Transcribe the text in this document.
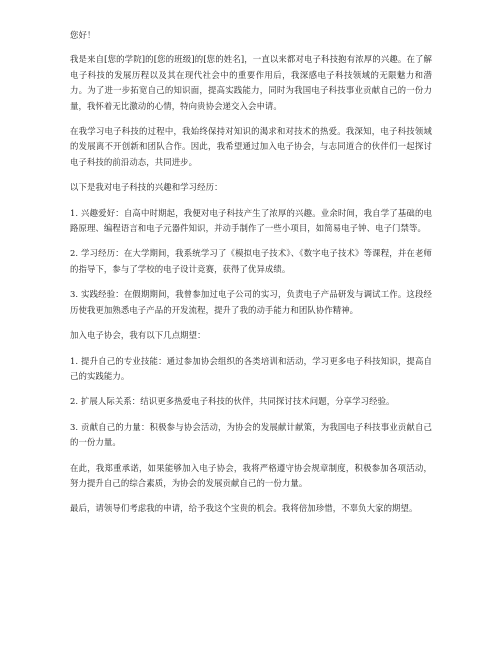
您好！

我是来自[您的学院]的[您的班级]的[您的姓名]，一直以来都对电子科技抱有浓厚的兴趣。在了解电子科技的发展历程以及其在现代社会中的重要作用后，我深感电子科技领域的无限魅力和潜力。为了进一步拓宽自己的知识面，提高实践能力，同时为我国电子科技事业贡献自己的一份力量，我怀着无比激动的心情，特向贵协会递交入会申请。

在我学习电子科技的过程中，我始终保持对知识的渴求和对技术的热爱。我深知，电子科技领域的发展离不开创新和团队合作。因此，我希望通过加入电子协会，与志同道合的伙伴们一起探讨电子科技的前沿动态，共同进步。

以下是我对电子科技的兴趣和学习经历：

1. 兴趣爱好：自高中时期起，我便对电子科技产生了浓厚的兴趣。业余时间，我自学了基础的电路原理、编程语言和电子元器件知识，并动手制作了一些小项目，如简易电子钟、电子门禁等。

2. 学习经历：在大学期间，我系统学习了《模拟电子技术》、《数字电子技术》等课程，并在老师的指导下，参与了学校的电子设计竞赛，获得了优异成绩。

3. 实践经验：在假期期间，我曾参加过电子公司的实习，负责电子产品研发与调试工作。这段经历使我更加熟悉电子产品的开发流程，提升了我的动手能力和团队协作精神。

加入电子协会，我有以下几点期望：

1. 提升自己的专业技能：通过参加协会组织的各类培训和活动，学习更多电子科技知识，提高自己的实践能力。

2. 扩展人际关系：结识更多热爱电子科技的伙伴，共同探讨技术问题，分享学习经验。

3. 贡献自己的力量：积极参与协会活动，为协会的发展献计献策，为我国电子科技事业贡献自己的一份力量。

在此，我郑重承诺，如果能够加入电子协会，我将严格遵守协会规章制度，积极参加各项活动，努力提升自己的综合素质，为协会的发展贡献自己的一份力量。

最后，请领导们考虑我的申请，给予我这个宝贵的机会。我将倍加珍惜，不辜负大家的期望。
